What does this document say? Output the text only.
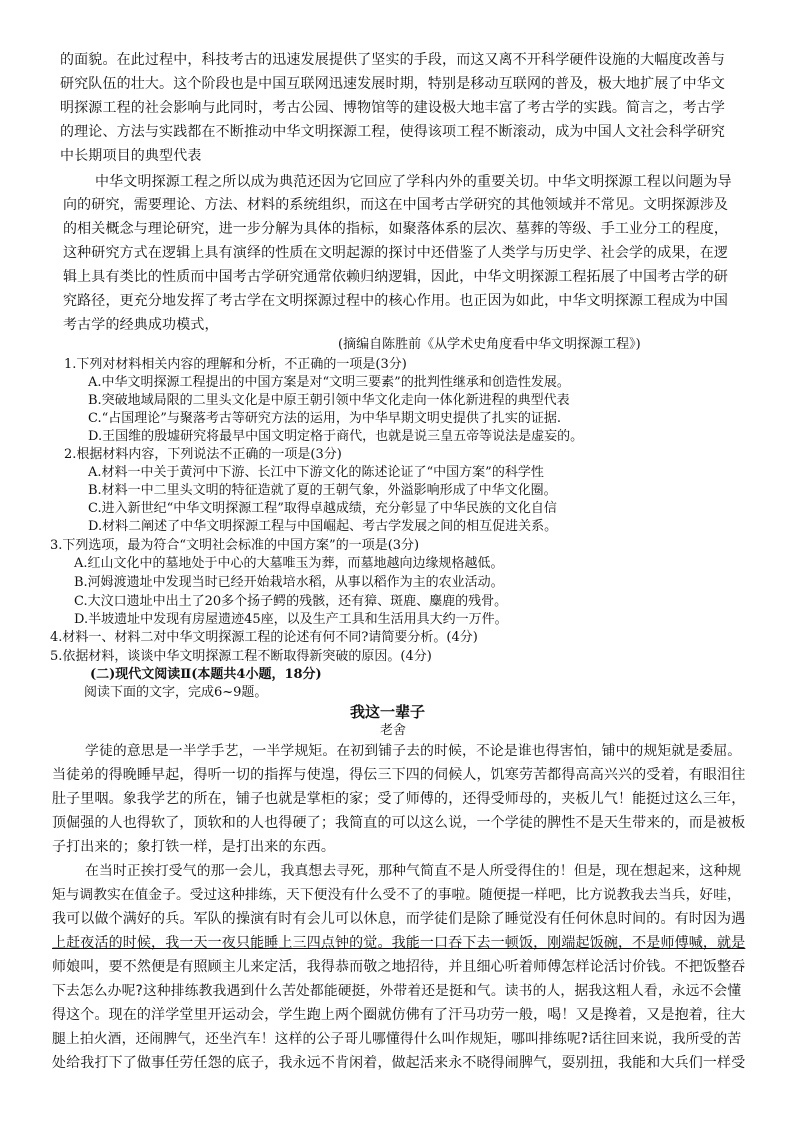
的面貌。在此过程中，科技考古的迅速发展提供了坚实的手段，而这又离不开科学硬件设施的大幅度改善与
研究队伍的壮大。这个阶段也是中国互联网迅速发展时期，特别是移动互联网的普及，极大地扩展了中华文
明探源工程的社会影响与此同时，考古公园、博物馆等的建设极大地丰富了考古学的实践。简言之，考古学
的理论、方法与实践都在不断推动中华文明探源工程，使得该项工程不断滚动，成为中国人文社会科学研究
中长期项目的典型代表
中华文明探源工程之所以成为典范还因为它回应了学科内外的重要关切。中华文明探源工程以问题为导
向的研究，需要理论、方法、材料的系统组织，而这在中国考古学研究的其他领域并不常见。文明探源涉及
的相关概念与理论研究，进一步分解为具体的指标，如聚落体系的层次、墓葬的等级、手工业分工的程度，
这种研究方式在逻辑上具有演绎的性质在文明起源的探讨中还借鉴了人类学与历史学、社会学的成果，在逻
辑上具有类比的性质而中国考古学研究通常依赖归纳逻辑，因此，中华文明探源工程拓展了中国考古学的研
究路径，更充分地发挥了考古学在文明探源过程中的核心作用。也正因为如此，中华文明探源工程成为中国
考古学的经典成功模式，
(摘编自陈胜前《从学术史角度看中华文明探源工程》)
1.下列对材料相关内容的理解和分析，不正确的一项是(3分)
A.中华文明探源工程提出的中国方案是对“文明三要素”的批判性继承和创造性发展。
B.突破地域局限的二里头文化是中原王朝引领中华文化走向一体化新进程的典型代表
C.“占国理论”与聚落考古等研究方法的运用，为中华早期文明史提供了扎实的证据.
D.王国维的殷墟研究将最早中国文明定格于商代，也就是说三皇五帝等说法是虚妄的。
2.根据材料内容，下列说法不正确的一项是(3分)
A.材料一中关于黄河中下游、长江中下游文化的陈述论证了“中国方案”的科学性
B.材料一中二里头文明的特征造就了夏的王朝气象，外溢影响形成了中华文化圈。
C.进入新世纪“中华文明探源工程”取得卓越成绩，充分彰显了中华民族的文化自信
D.材料二阐述了中华文明探源工程与中国崛起、考古学发展之间的相互促进关系。
3.下列选项，最为符合“文明社会标准的中国方案”的一项是(3分)
A.红山文化中的墓地处于中心的大墓唯玉为葬，而墓地越向边缘规格越低。
B.河姆渡遗址中发现当时已经开始栽培水稻，从事以稻作为主的农业活动。
C.大汶口遗址中出土了20多个扬子鳄的残骸，还有獐、斑鹿、麋鹿的残骨。
D.半坡遗址中发现有房屋遗迹45座，以及生产工具和生活用具大约一万件。
4.材料一、材料二对中华文明探源工程的论述有何不同?请简要分析。(4分)
5.依据材料，谈谈中华文明探源工程不断取得新突破的原因。(4分)
(二)现代文阅读Ⅱ(本题共4小题，18分)
阅读下面的文字，完成6~9题。
我这一辈子
老舍
学徒的意思是一半学手艺，一半学规矩。在初到铺子去的时候，不论是谁也得害怕，铺中的规矩就是委屈。
当徒弟的得晚睡早起，得听一切的指挥与使遑，得伝三下四的伺候人，饥寒劳苦都得高高兴兴的受着，有眼泪往
肚子里咽。象我学艺的所在，铺子也就是掌柜的家；受了师傅的，还得受师母的，夹板儿气！能挺过这么三年，
顶倔强的人也得软了，顶软和的人也得硬了；我简直的可以这么说，一个学徒的脾性不是天生带来的，而是被板
子打出来的；象打铁一样，是打出来的东西。
在当时正挨打受气的那一会儿，我真想去寻死，那种气简直不是人所受得住的！但是，现在想起来，这种规
矩与调教实在值金子。受过这种排练，天下便没有什么受不了的事啦。随便提一样吧，比方说教我去当兵，好哇，
我可以做个满好的兵。军队的操演有时有会儿可以休息，而学徒们是除了睡觉没有任何休息时间的。有时因为遇
上赶夜活的时候，我一天一夜只能睡上三四点钟的觉。我能一口吞下去一顿饭，刚端起饭碗，不是师傅喊，就是
师娘叫，要不然便是有照顾主儿来定活，我得恭而敬之地招待，并且细心听着师傅怎样论活讨价钱。不把饭整吞
下去怎么办呢?这种排练教我遇到什么苦处都能硬挺，外带着还是挺和气。读书的人，据我这粗人看，永远不会懂
得这个。现在的洋学堂里开运动会，学生跑上两个圈就仿佛有了汗马功劳一般，喝！又是搀着，又是抱着，往大
腿上拍火酒，还闹脾气，还坐汽车！这样的公子哥儿哪懂得什么叫作规矩，哪叫排练呢?话往回来说，我所受的苦
处给我打下了做事任劳任怨的底子，我永远不肯闲着，做起活来永不晓得闹脾气，耍别扭，我能和大兵们一样受
